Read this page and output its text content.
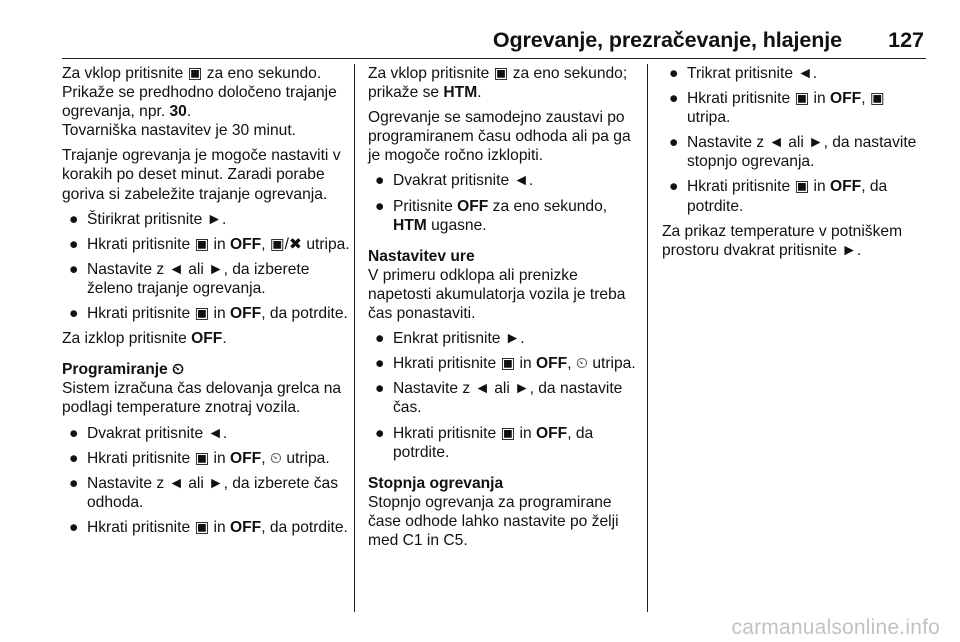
Ogrevanje, prezračevanje, hlajenje 127

Za vklop pritisnite ▣ za eno sekundo. Prikaže se predhodno določeno trajanje ogrevanja, npr. 30.
Tovarniška nastavitev je 30 minut.

Trajanje ogrevanja je mogoče nastaviti v korakih po deset minut. Zaradi porabe goriva si zabeležite trajanje ogrevanja.

● Štirikrat pritisnite ►.
● Hkrati pritisnite ▣ in OFF, ▣/✖ utripa.
● Nastavite z ◄ ali ►, da izberete želeno trajanje ogrevanja.
● Hkrati pritisnite ▣ in OFF, da potrdite.

Za izklop pritisnite OFF.

Programiranje ⏲

Sistem izračuna čas delovanja grelca na podlagi temperature znotraj vozila.

● Dvakrat pritisnite ◄.
● Hkrati pritisnite ▣ in OFF, ⏲ utripa.
● Nastavite z ◄ ali ►, da izberete čas odhoda.
● Hkrati pritisnite ▣ in OFF, da potrdite.

Za vklop pritisnite ▣ za eno sekundo; prikaže se HTM.

Ogrevanje se samodejno zaustavi po programiranem času odhoda ali pa ga je mogoče ročno izklopiti.

● Dvakrat pritisnite ◄.
● Pritisnite OFF za eno sekundo, HTM ugasne.
Nastavitev ure

V primeru odklopa ali prenizke napetosti akumulatorja vozila je treba čas ponastaviti.

● Enkrat pritisnite ►.
● Hkrati pritisnite ▣ in OFF, ⏲ utripa.
● Nastavite z ◄ ali ►, da nastavite čas.
● Hkrati pritisnite ▣ in OFF, da potrdite.
Stopnja ogrevanja

Stopnjo ogrevanja za programirane čase odhode lahko nastavite po želji med C1 in C5.

● Trikrat pritisnite ◄.
● Hkrati pritisnite ▣ in OFF, ▣ utripa.
● Nastavite z ◄ ali ►, da nastavite stopnjo ogrevanja.
● Hkrati pritisnite ▣ in OFF, da potrdite.

Za prikaz temperature v potniškem prostoru dvakrat pritisnite ►.

carmanualsonline.info
